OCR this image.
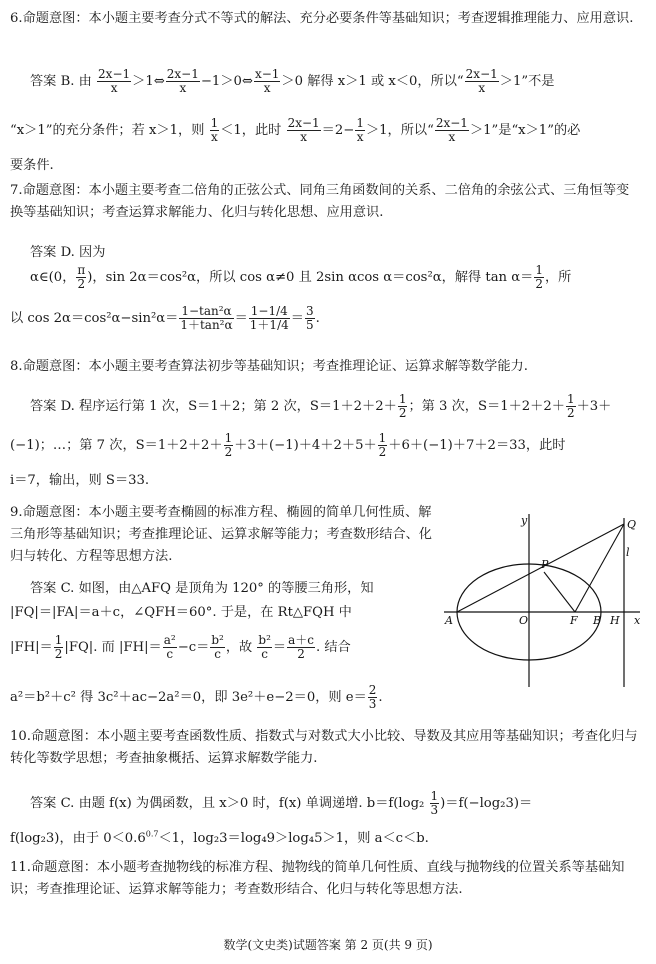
6.命题意图：本小题主要考查分式不等式的解法、充分必要条件等基础知识；考查逻辑推理能力、应用意识.
答案 B. 由 $\frac{2x-1}{x}$ ＞1⇔ $\frac{2x-1}{x}$ −1＞0⇔ $\frac{x-1}{x} >0$ 解得 x＞1 或 x＜0，所以“ $\frac{2x-1}{x} >1$”不是
“x＞1”的充分条件；若 x＞1，则 $\frac{1}{x} <1$，此时 $\frac{2x-1}{x} =2- \frac{1}{x} >1$，所以“ $\frac{2x-1}{x} >1$”是“x＞1”的必
要条件.
7.命题意图：本小题主要考查二倍角的正弦公式、同角三角函数间的关系、二倍角的余弦公式、三角恒等变换等基础知识；考查运算求解能力、化归与转化思想、应用意识.
答案 D. 因为 α∈(0， $\frac{\pi}{2}$ )，sin 2α＝cos²α，所以 cos α≠0 且 2sin αcos α＝cos²α，解得 $\tan \alpha= \frac{1}{2}$ ，所
以 $\cos 2\alpha=\cos^2\alpha-\sin^2\alpha= \frac{\text{1−tan²α}}{\text{1＋tan²α}} = \frac{1-1/4}{1+1/4} = \frac{3}{5}$ .
8.命题意图：本小题主要考查算法初步等基础知识；考查推理论证、运算求解等数学能力.
答案 D. 程序运行第 1 次，S＝1＋2；第 2 次，$S=1+2+2+ \frac{1}{2}$ ；第 3 次，$S=1+2+2+ \frac{1}{2} +3+$
(−1)；…；第 7 次，$S=1+2+2+ \frac{1}{2} +3+(-1)+4+2+5+ \frac{1}{2} +6+(-1)+7+2=33$，此时
i＝7，输出，则 S＝33.
9.命题意图：本小题主要考查椭圆的标准方程、椭圆的简单几何性质、解三角形等基础知识；考查推理论证、运算求解等能力；考查数形结合、化归与转化、方程等思想方法.
答案 C. 如图，由△AFQ 是顶角为 120° 的等腰三角形，知
|FQ|＝|FA|＝a＋c，∠QFH＝60°. 于是，在 Rt△FQH 中
$|FH|= \frac{1}{2} |FQ|$. 而 $|FH|= \frac{\text{a²}}{c} -c= \frac{\text{b²}}{c}$ ，故 $\frac{\text{b²}}{c} = \frac{a+c}{2}$ . 结合
a²＝b²＋c² 得 3c²＋ac−2a²＝0，即 3e²＋e−2＝0，则 $e= \frac{2}{3}$ .
y
x
Q
l
P
A	O	F B H
10.命题意图：本小题主要考查函数性质、指数式与对数式大小比较、导数及其应用等基础知识；考查化归与转化等数学思想；考查抽象概括、运算求解数学能力.
答案 C. 由题 f(x) 为偶函数，且 x＞0 时，f(x) 单调递增. $b=f(\log_2 \frac{1}{3} )=f(-\log_23)=$
f(log₂3)，由于 $0<0.6^{0.7}<1$，log₂3＝log₄9＞log₄5＞1，则 a＜c＜b.
11.命题意图：本小题考查抛物线的标准方程、抛物线的简单几何性质、直线与抛物线的位置关系等基础知识；考查推理论证、运算求解等能力；考查数形结合、化归与转化等思想方法.
数学(文史类)试题答案 第 2 页(共 9 页)
